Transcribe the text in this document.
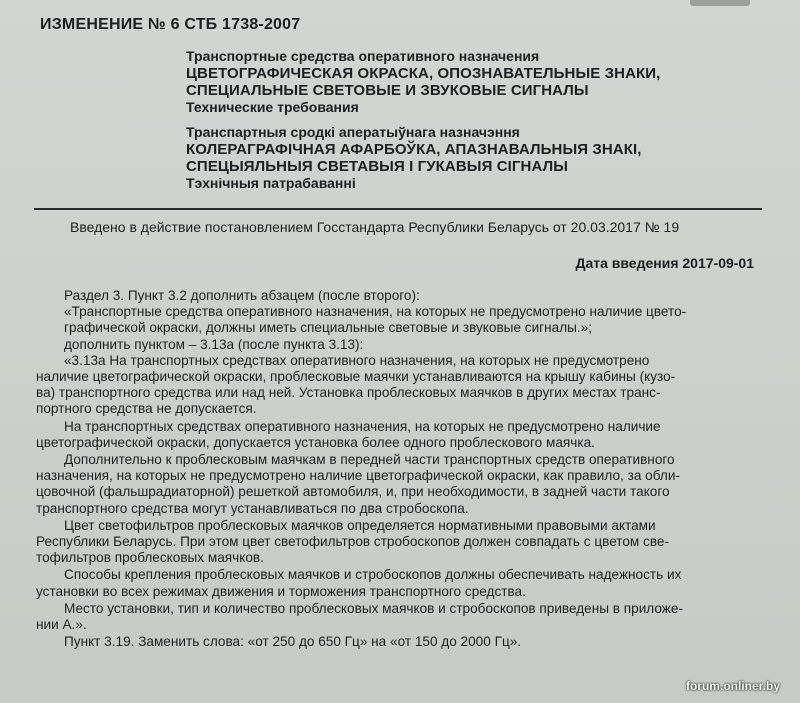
ИЗМЕНЕНИЕ № 6 СТБ 1738-2007
Транспортные средства оперативного назначения
ЦВЕТОГРАФИЧЕСКАЯ ОКРАСКА, ОПОЗНАВАТЕЛЬНЫЕ ЗНАКИ,
СПЕЦИАЛЬНЫЕ СВЕТОВЫЕ И ЗВУКОВЫЕ СИГНАЛЫ
Технические требования
Транспартныя сродкі аператыўнага назначэння
КОЛЕРАГРАФІЧНАЯ АФАРБОЎКА, АПАЗНАВАЛЬНЫЯ ЗНАКІ,
СПЕЦЫЯЛЬНЫЯ СВЕТАВЫЯ І ГУКАВЫЯ СІГНАЛЫ
Тэхнічныя патрабаванні
Введено в действие постановлением Госстандарта Республики Беларусь от 20.03.2017 № 19
Дата введения 2017-09-01
Раздел 3. Пункт 3.2 дополнить абзацем (после второго):
«Транспортные средства оперативного назначения, на которых не предусмотрено наличие цвето-
графической окраски, должны иметь специальные световые и звуковые сигналы.»;
дополнить пунктом – 3.13а (после пункта 3.13):
«3.13а На транспортных средствах оперативного назначения, на которых не предусмотрено
наличие цветографической окраски, проблесковые маячки устанавливаются на крышу кабины (кузо-
ва) транспортного средства или над ней. Установка проблесковых маячков в других местах транс-
портного средства не допускается.
На транспортных средствах оперативного назначения, на которых не предусмотрено наличие
цветографической окраски, допускается установка более одного проблескового маячка.
Дополнительно к проблесковым маячкам в передней части транспортных средств оперативного
назначения, на которых не предусмотрено наличие цветографической окраски, как правило, за обли-
цовочной (фальшрадиаторной) решеткой автомобиля, и, при необходимости, в задней части такого
транспортного средства могут устанавливаться по два стробоскопа.
Цвет светофильтров проблесковых маячков определяется нормативными правовыми актами
Республики Беларусь. При этом цвет светофильтров стробоскопов должен совпадать с цветом све-
тофильтров проблесковых маячков.
Способы крепления проблесковых маячков и стробоскопов должны обеспечивать надежность их
установки во всех режимах движения и торможения транспортного средства.
Место установки, тип и количество проблесковых маячков и стробоскопов приведены в приложе-
нии А.».
Пункт 3.19. Заменить слова: «от 250 до 650 Гц» на «от 150 до 2000 Гц».
forum.onliner.by
